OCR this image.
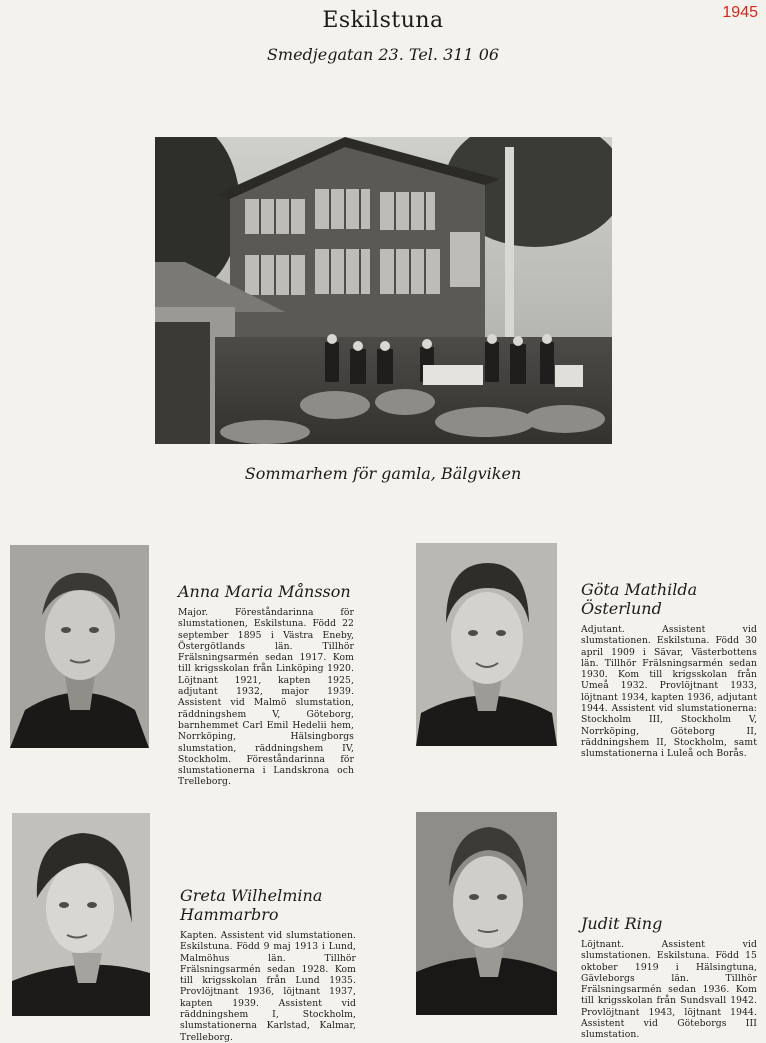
Eskilstuna	1945
Smedjegatan 23. Tel. 311 06
Sommarhem för gamla, Bälgviken
Anna Maria Månsson

Major. Föreståndarinna för slumstationen, Eskilstuna. Född 22 september 1895 i Västra Eneby, Östergötlands län. Tillhör Frälsningsarmén sedan 1917. Kom till krigsskolan från Linköping 1920. Löjtnant 1921, kapten 1925, adjutant 1932, major 1939. Assistent vid Malmö slumstation, räddningshem V, Göteborg, barnhemmet Carl Emil Hedelii hem, Norrköping, Hälsingborgs slumstation, räddningshem IV, Stockholm. Föreståndarinna för slumstationerna i Landskrona och Trelleborg.

Göta Mathilda
Österlund

Adjutant. Assistent vid slumstationen. Eskilstuna. Född 30 april 1909 i Sävar, Västerbottens län. Tillhör Frälsningsarmén sedan 1930. Kom till krigsskolan från Umeå 1932. Provlöjtnant 1933, löjtnant 1934, kapten 1936, adjutant 1944. Assistent vid slumstationerna: Stockholm III, Stockholm V, Norrköping, Göteborg II, räddningshem II, Stockholm, samt slumstationerna i Luleå och Borås.

Greta Wilhelmina
Hammarbro

Kapten. Assistent vid slumstationen. Eskilstuna. Född 9 maj 1913 i Lund, Malmöhus län. Tillhör Frälsningsarmén sedan 1928. Kom till krigsskolan från Lund 1935. Provlöjtnant 1936, löjtnant 1937, kapten 1939. Assistent vid räddningshem I, Stockholm, slumstationerna Karlstad, Kalmar, Trelleborg.

Judit Ring

Löjtnant. Assistent vid slumstationen. Eskilstuna. Född 15 oktober 1919 i Hälsingtuna, Gävleborgs län. Tillhör Frälsningsarmén sedan 1936. Kom till krigsskolan från Sundsvall 1942. Provlöjtnant 1943, löjtnant 1944. Assistent vid Göteborgs III slumstation.
